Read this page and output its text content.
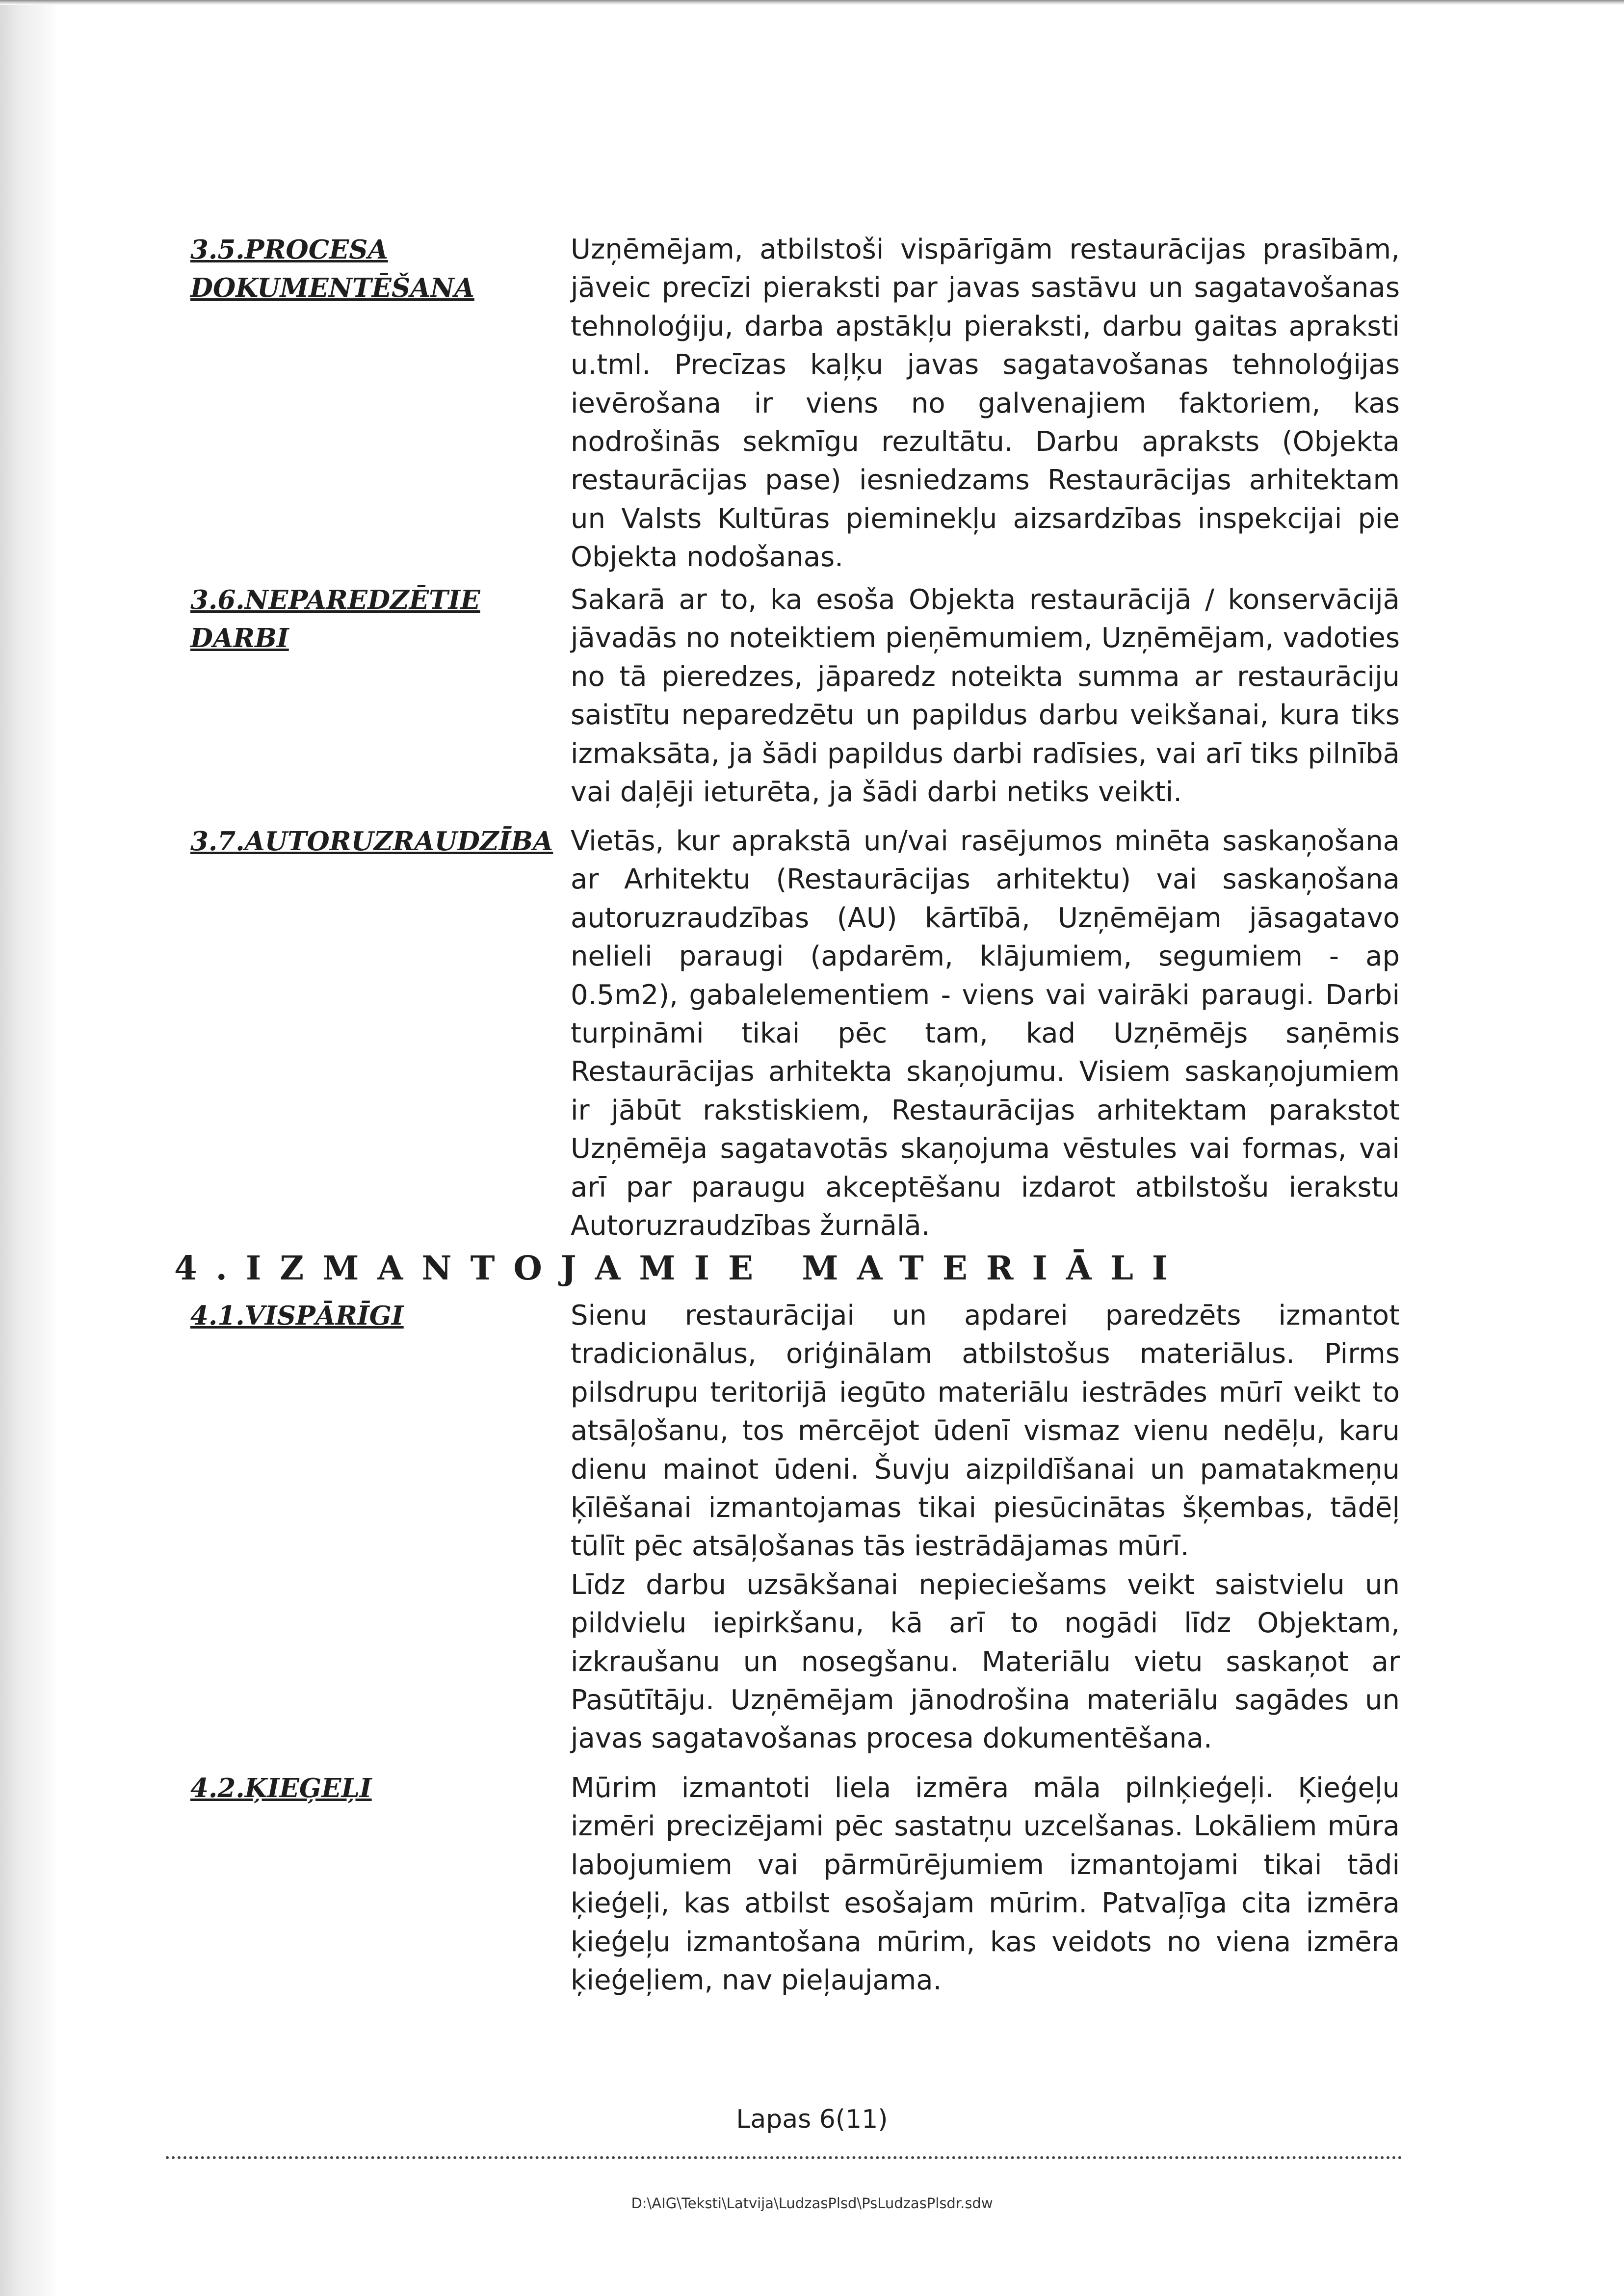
3.5.PROCESA
DOKUMENTĒŠANA

Uzņēmējam, atbilstoši vispārīgām restaurācijas prasībām, jāveic precīzi pieraksti par javas sastāvu un sagatavošanas tehnoloģiju, darba apstākļu pieraksti, darbu gaitas apraksti u.tml. Precīzas kaļķu javas sagatavošanas tehnoloģijas ievērošana ir viens no galvenajiem faktoriem, kas nodrošinās sekmīgu rezultātu. Darbu apraksts (Objekta restaurācijas pase) iesniedzams Restaurācijas arhitektam un Valsts Kultūras pieminekļu aizsardzības inspekcijai pie Objekta nodošanas.

3.6.NEPAREDZĒTIE
DARBI

Sakarā ar to, ka esoša Objekta restaurācijā / konservācijā jāvadās no noteiktiem pieņēmumiem, Uzņēmējam, vadoties no tā pieredzes, jāparedz noteikta summa ar restaurāciju saistītu neparedzētu un papildus darbu veikšanai, kura tiks izmaksāta, ja šādi papildus darbi radīsies, vai arī tiks pilnībā vai daļēji ieturēta, ja šādi darbi netiks veikti.

3.7.AUTORUZRAUDZĪBA Vietās, kur aprakstā un/vai rasējumos minēta saskaņošana ar Arhitektu (Restaurācijas arhitektu) vai saskaņošana autoruzraudzības (AU) kārtībā, Uzņēmējam jāsagatavo nelieli paraugi (apdarēm, klājumiem, segumiem - ap 0.5m2), gabalelementiem - viens vai vairāki paraugi. Darbi turpināmi tikai pēc tam, kad Uzņēmējs saņēmis Restaurācijas arhitekta skaņojumu. Visiem saskaņojumiem ir jābūt rakstiskiem, Restaurācijas arhitektam parakstot Uzņēmēja sagatavotās skaņojuma vēstules vai formas, vai arī par paraugu akceptēšanu izdarot atbilstošu ierakstu Autoruzraudzības žurnālā.

4.IZMANTOJAMIE MATERIĀLI
4.1.VISPĀRĪGI	Sienu restaurācijai un apdarei paredzēts izmantot tradicionālus, oriģinālam atbilstošus materiālus. Pirms pilsdrupu teritorijā iegūto materiālu iestrādes mūrī veikt to atsāļošanu, tos mērcējot ūdenī vismaz vienu nedēļu, karu dienu mainot ūdeni. Šuvju aizpildīšanai un pamatakmeņu ķīlēšanai izmantojamas tikai piesūcinātas šķembas, tādēļ tūlīt pēc atsāļošanas tās iestrādājamas mūrī.

Līdz darbu uzsākšanai nepieciešams veikt saistvielu un pildvielu iepirkšanu, kā arī to nogādi līdz Objektam, izkraušanu un nosegšanu. Materiālu vietu saskaņot ar Pasūtītāju. Uzņēmējam jānodrošina materiālu sagādes un javas sagatavošanas procesa dokumentēšana.

4.2.ĶIEĢEĻI	Mūrim izmantoti liela izmēra māla pilnķieģeļi. Ķieģeļu izmēri precizējami pēc sastatņu uzcelšanas. Lokāliem mūra labojumiem vai pārmūrējumiem izmantojami tikai tādi ķieģeļi, kas atbilst esošajam mūrim. Patvaļīga cita izmēra ķieģeļu izmantošana mūrim, kas veidots no viena izmēra ķieģeļiem, nav pieļaujama.

Lapas 6(11)
D:\AIG\Teksti\Latvija\LudzasPlsd\PsLudzasPlsdr.sdw
